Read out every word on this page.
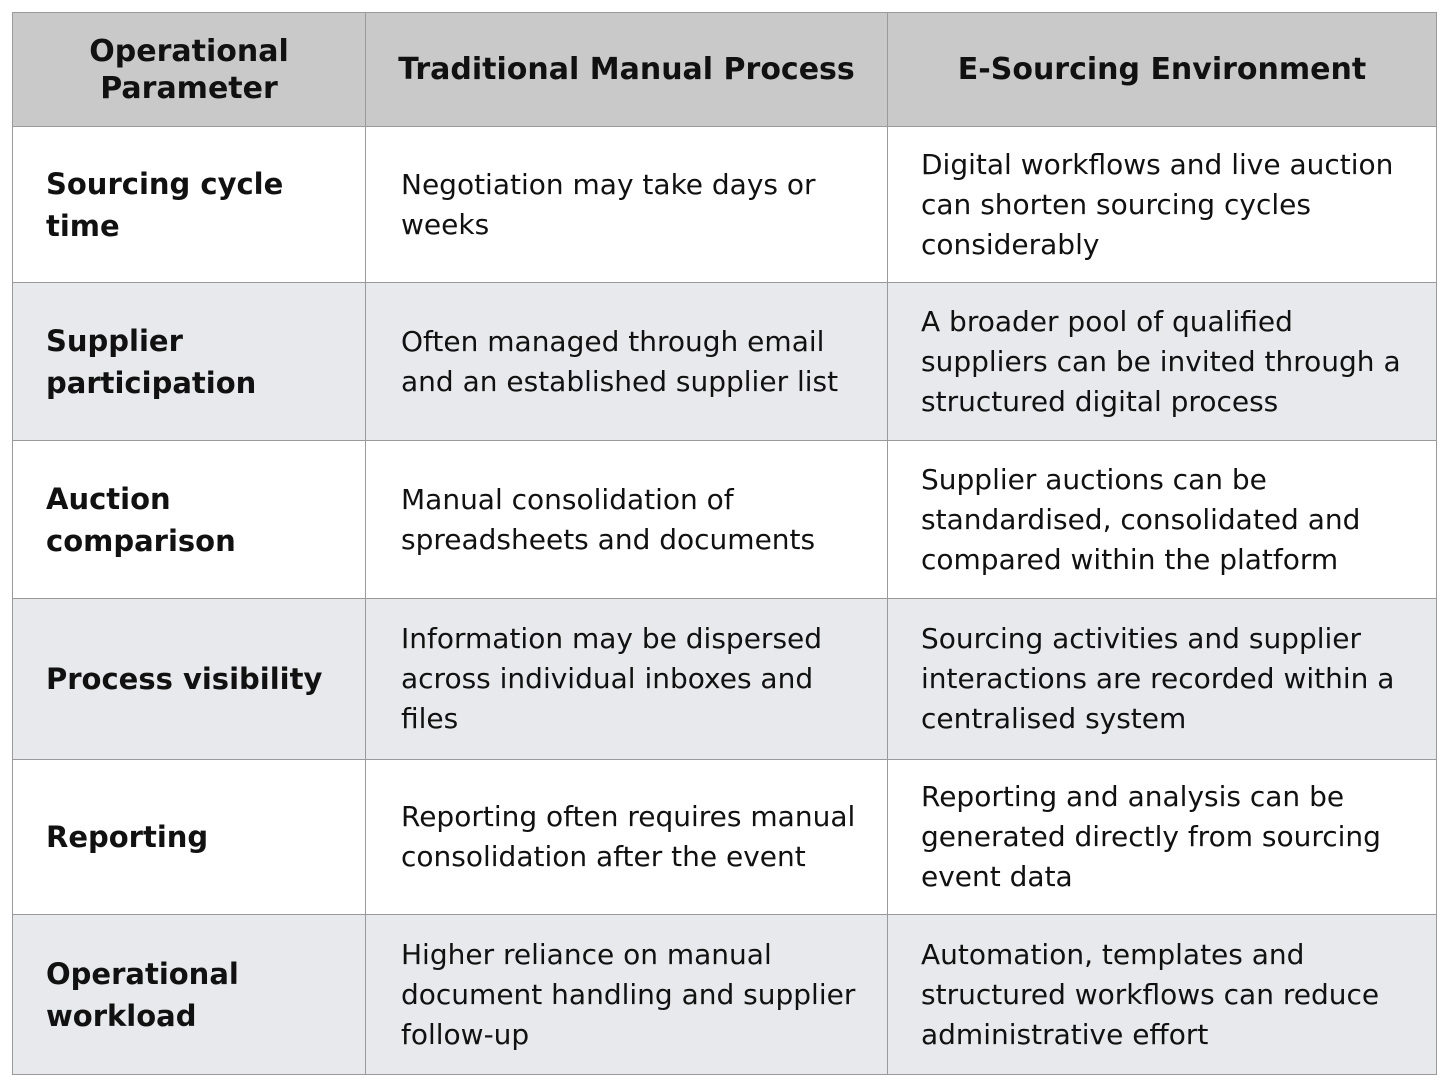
Operational Parameter	Traditional Manual Process	E-Sourcing Environment
Sourcing cycle time	Negotiation may take days or weeks	Digital workflows and live auction can shorten sourcing cycles considerably
Supplier participation	Often managed through email and an established supplier list	A broader pool of qualified suppliers can be invited through a structured digital process
Auction comparison	Manual consolidation of spreadsheets and documents	Supplier auctions can be standardised, consolidated and compared within the platform
Process visibility	Information may be dispersed across individual inboxes and files	Sourcing activities and supplier interactions are recorded within a centralised system
Reporting	Reporting often requires manual consolidation after the event	Reporting and analysis can be generated directly from sourcing event data
Operational workload	Higher reliance on manual document handling and supplier follow-up	Automation, templates and structured workflows can reduce administrative effort
